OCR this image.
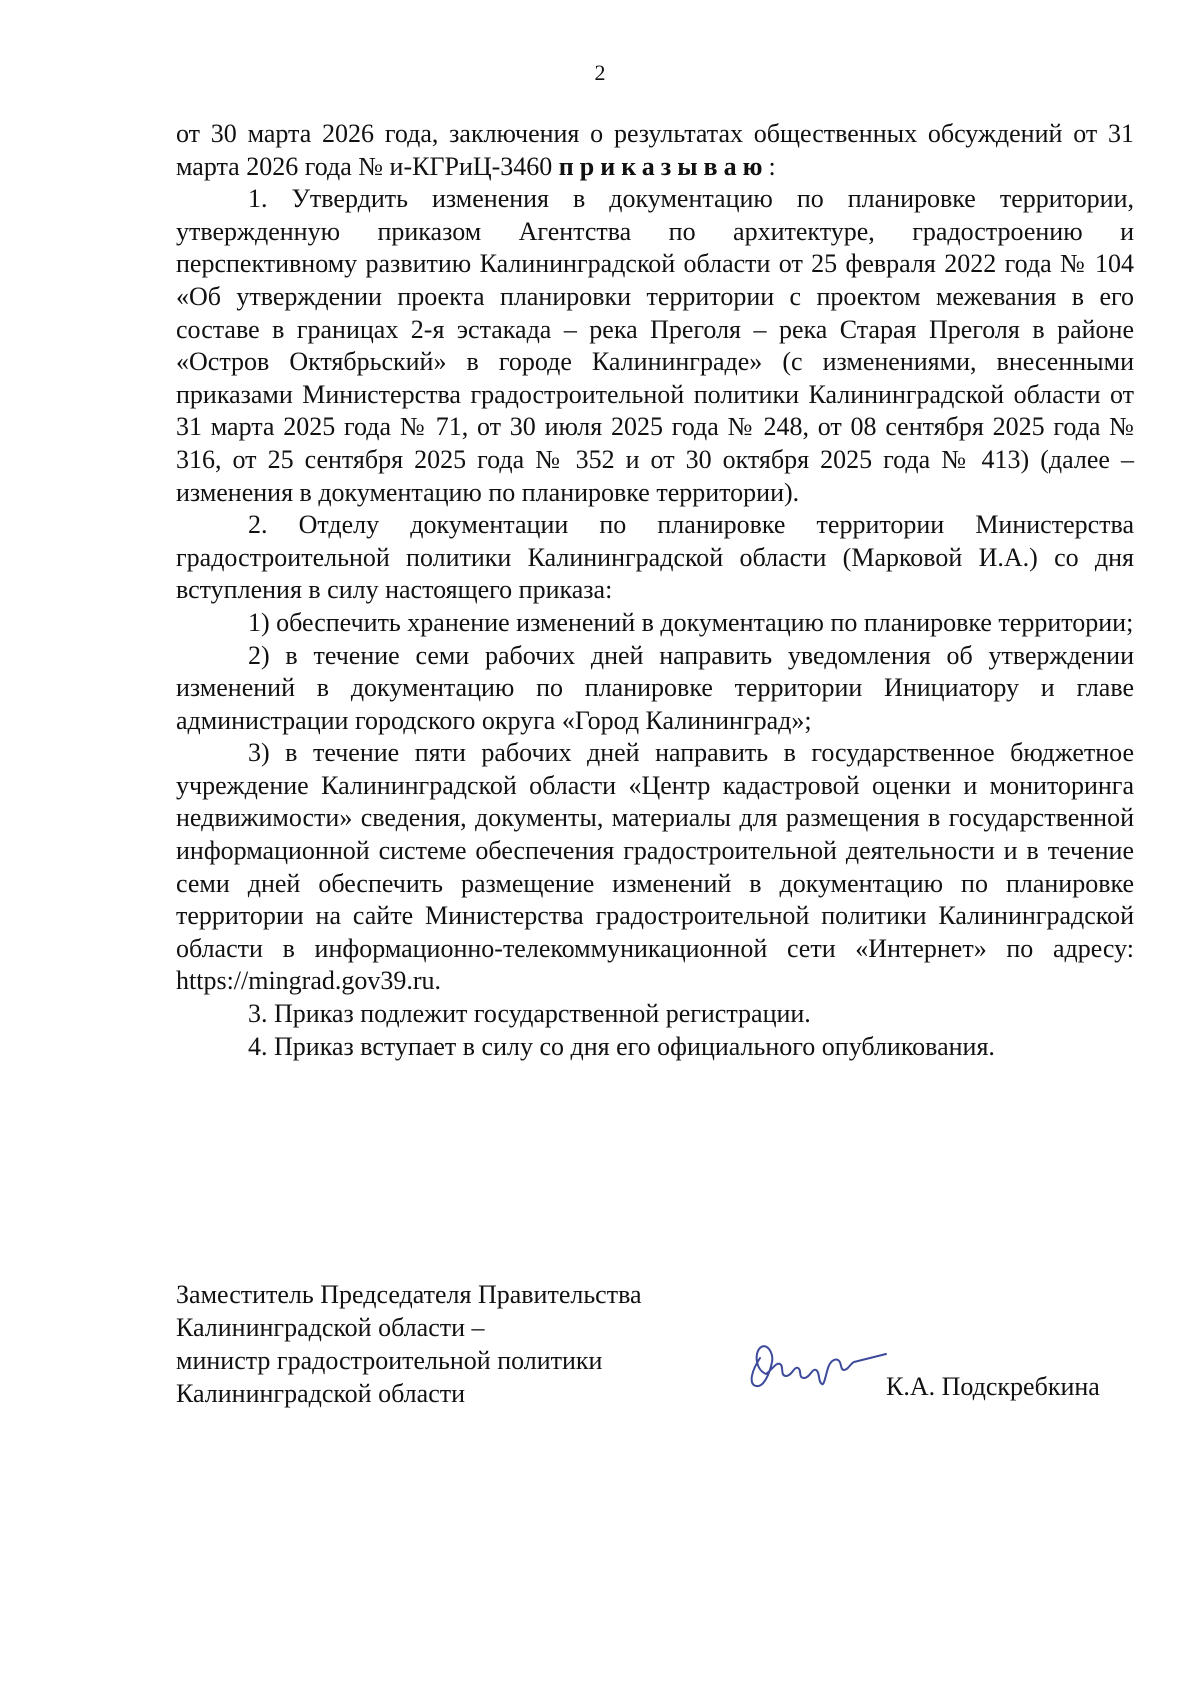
2

от 30 марта 2026 года, заключения о результатах общественных обсуждений от 31 марта 2026 года № и-КГРиЦ-3460 приказываю:

1. Утвердить изменения в документацию по планировке территории, утвержденную приказом Агентства по архитектуре, градостроению и перспективному развитию Калининградской области от 25 февраля 2022 года № 104 «Об утверждении проекта планировки территории с проектом межевания в его составе в границах 2-я эстакада – река Преголя – река Старая Преголя в районе «Остров Октябрьский» в городе Калининграде» (с изменениями, внесенными приказами Министерства градостроительной политики Калининградской области от 31 марта 2025 года № 71, от 30 июля 2025 года № 248, от 08 сентября 2025 года № 316, от 25 сентября 2025 года № 352 и от 30 октября 2025 года № 413) (далее – изменения в документацию по планировке территории).

2. Отделу документации по планировке территории Министерства градостроительной политики Калининградской области (Марковой И.А.) со дня вступления в силу настоящего приказа:

1) обеспечить хранение изменений в документацию по планировке территории;

2) в течение семи рабочих дней направить уведомления об утверждении изменений в документацию по планировке территории Инициатору и главе администрации городского округа «Город Калининград»;

3) в течение пяти рабочих дней направить в государственное бюджетное учреждение Калининградской области «Центр кадастровой оценки и мониторинга недвижимости» сведения, документы, материалы для размещения в государственной информационной системе обеспечения градостроительной деятельности и в течение семи дней обеспечить размещение изменений в документацию по планировке территории на сайте Министерства градостроительной политики Калининградской области в информационно-телекоммуникационной сети «Интернет» по адресу: https://mingrad.gov39.ru.

3. Приказ подлежит государственной регистрации.

4. Приказ вступает в силу со дня его официального опубликования.

Заместитель Председателя Правительства
Калининградской области –
министр градостроительной политики
Калининградской области	К.А. Подскребкина
